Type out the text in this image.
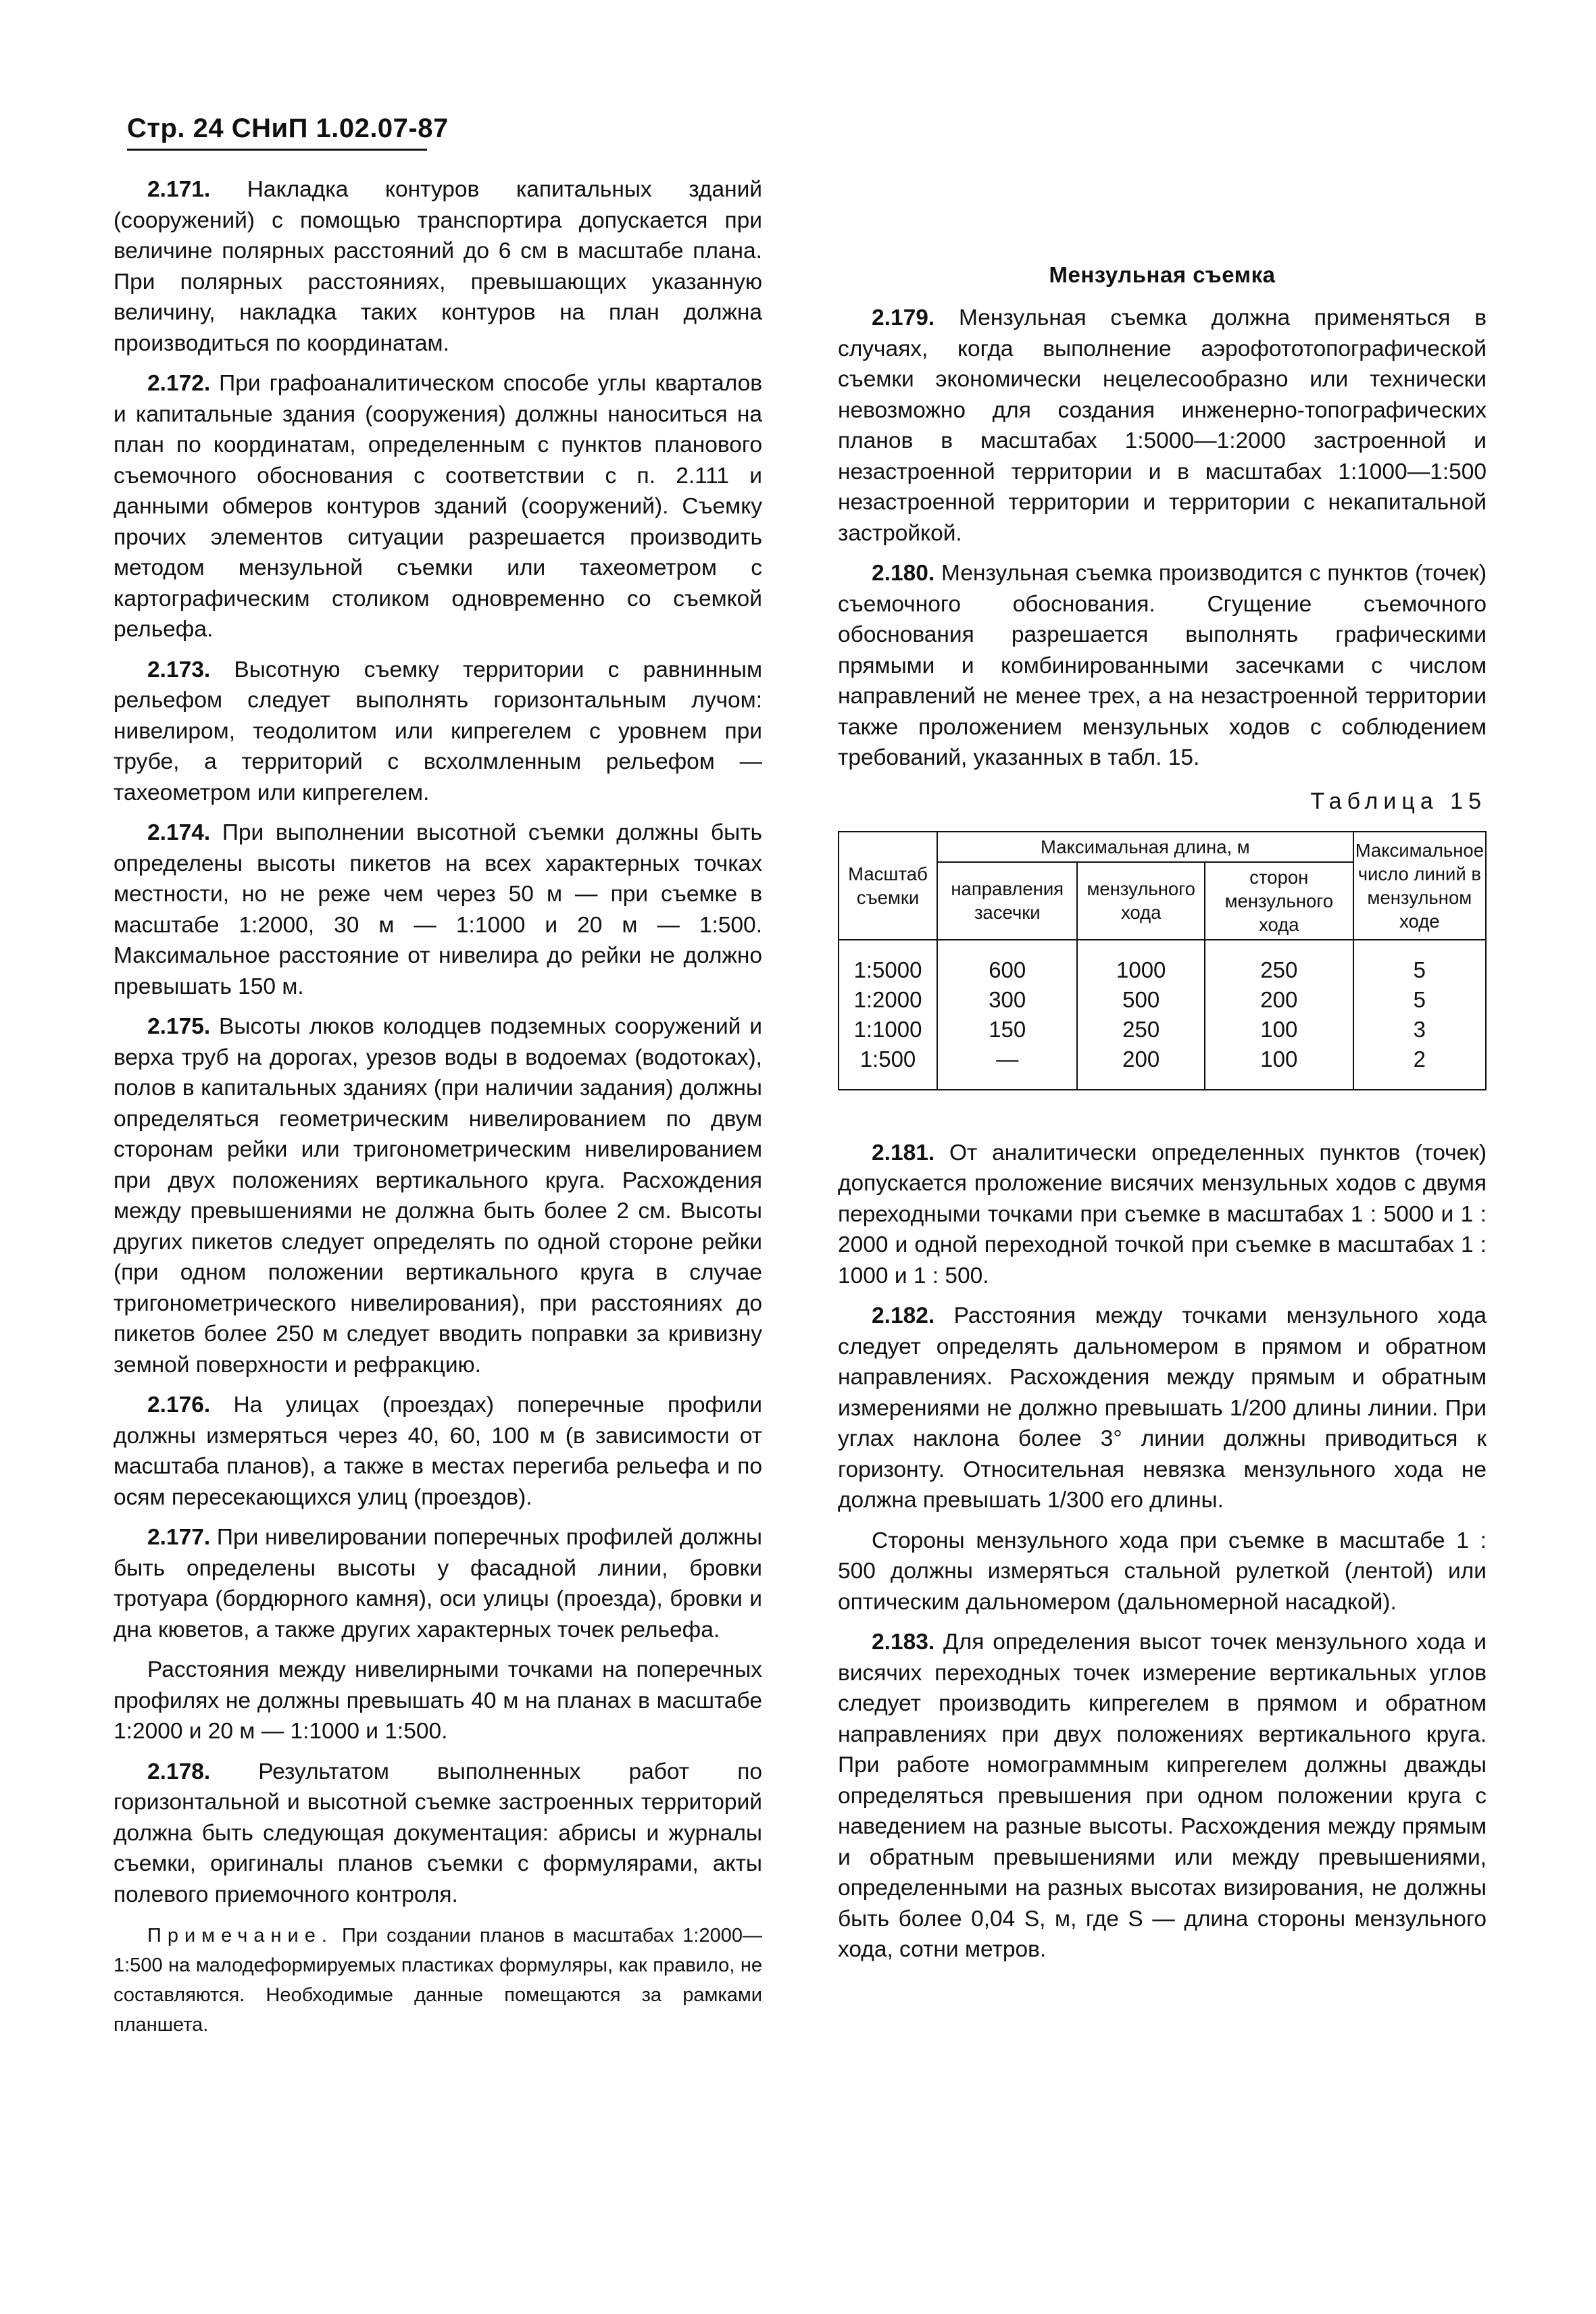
Стр. 24 СНиП 1.02.07-87

2.171. Накладка контуров капитальных зданий (сооружений) с помощью транспортира допускается при величине полярных расстояний до 6 см в масштабе плана. При полярных расстояниях, превышающих указанную величину, накладка таких контуров на план должна производиться по координатам.

2.172. При графоаналитическом способе углы кварталов и капитальные здания (сооружения) должны наноситься на план по координатам, определенным с пунктов планового съемочного обоснования с соответствии с п. 2.111 и данными обмеров контуров зданий (сооружений). Съемку прочих элементов ситуации разрешается производить методом мензульной съемки или тахеометром с картографическим столиком одновременно со съемкой рельефа.

2.173. Высотную съемку территории с равнинным рельефом следует выполнять горизонтальным лучом: нивелиром, теодолитом или кипрегелем с уровнем при трубе, а территорий с всхолмленным рельефом — тахеометром или кипрегелем.

2.174. При выполнении высотной съемки должны быть определены высоты пикетов на всех характерных точках местности, но не реже чем через 50 м — при съемке в масштабе 1:2000, 30 м — 1:1000 и 20 м — 1:500. Максимальное расстояние от нивелира до рейки не должно превышать 150 м.

2.175. Высоты люков колодцев подземных сооружений и верха труб на дорогах, урезов воды в водоемах (водотоках), полов в капитальных зданиях (при наличии задания) должны определяться геометрическим нивелированием по двум сторонам рейки или тригонометрическим нивелированием при двух положениях вертикального круга. Расхождения между превышениями не должна быть более 2 см. Высоты других пикетов следует определять по одной стороне рейки (при одном положении вертикального круга в случае тригонометрического нивелирования), при расстояниях до пикетов более 250 м следует вводить поправки за кривизну земной поверхности и рефракцию.

2.176. На улицах (проездах) поперечные профили должны измеряться через 40, 60, 100 м (в зависимости от масштаба планов), а также в местах перегиба рельефа и по осям пересекающихся улиц (проездов).

2.177. При нивелировании поперечных профилей должны быть определены высоты у фасадной линии, бровки тротуара (бордюрного камня), оси улицы (проезда), бровки и дна кюветов, а также других характерных точек рельефа.

Расстояния между нивелирными точками на поперечных профилях не должны превышать 40 м на планах в масштабе 1:2000 и 20 м — 1:1000 и 1:500.

2.178. Результатом выполненных работ по горизонтальной и высотной съемке застроенных территорий должна быть следующая документация: абрисы и журналы съемки, оригиналы планов съемки с формулярами, акты полевого приемочного контроля.

Примечание. При создании планов в масштабах 1:2000—1:500 на малодеформируемых пластиках формуляры, как правило, не составляются. Необходимые данные помещаются за рамками планшета.

Мензульная съемка

2.179. Мензульная съемка должна применяться в случаях, когда выполнение аэрофототопографической съемки экономически нецелесообразно или технически невозможно для создания инженерно-топографических планов в масштабах 1:5000—1:2000 застроенной и незастроенной территории и в масштабах 1:1000—1:500 незастроенной территории и территории с некапитальной застройкой.

2.180. Мензульная съемка производится с пунктов (точек) съемочного обоснования. Сгущение съемочного обоснования разрешается выполнять графическими прямыми и комбинированными засечками с числом направлений не менее трех, а на незастроенной территории также проложением мензульных ходов с соблюдением требований, указанных в табл. 15.

Таблица 15
Масштаб съемки	Максимальная длина, м			Максимальное число линий в мензульном ходе
	направления засечки	мензульного хода	сторон мензульного хода	
1:5000	600	1000	250	5
1:2000	300	500	200	5
1:1000	150	250	100	3
1:500	—	200	100	2

2.181. От аналитически определенных пунктов (точек) допускается проложение висячих мензульных ходов с двумя переходными точками при съемке в масштабах 1 : 5000 и 1 : 2000 и одной переходной точкой при съемке в масштабах 1 : 1000 и 1 : 500.

2.182. Расстояния между точками мензульного хода следует определять дальномером в прямом и обратном направлениях. Расхождения между прямым и обратным измерениями не должно превышать 1/200 длины линии. При углах наклона более 3° линии должны приводиться к горизонту. Относительная невязка мензульного хода не должна превышать 1/300 его длины.

Стороны мензульного хода при съемке в масштабе 1 : 500 должны измеряться стальной рулеткой (лентой) или оптическим дальномером (дальномерной насадкой).

2.183. Для определения высот точек мензульного хода и висячих переходных точек измерение вертикальных углов следует производить кипрегелем в прямом и обратном направлениях при двух положениях вертикального круга. При работе номограммным кипрегелем должны дважды определяться превышения при одном положении круга с наведением на разные высоты. Расхождения между прямым и обратным превышениями или между превышениями, определенными на разных высотах визирования, не должны быть более 0,04 S, м, где S — длина стороны мензульного хода, сотни метров.
